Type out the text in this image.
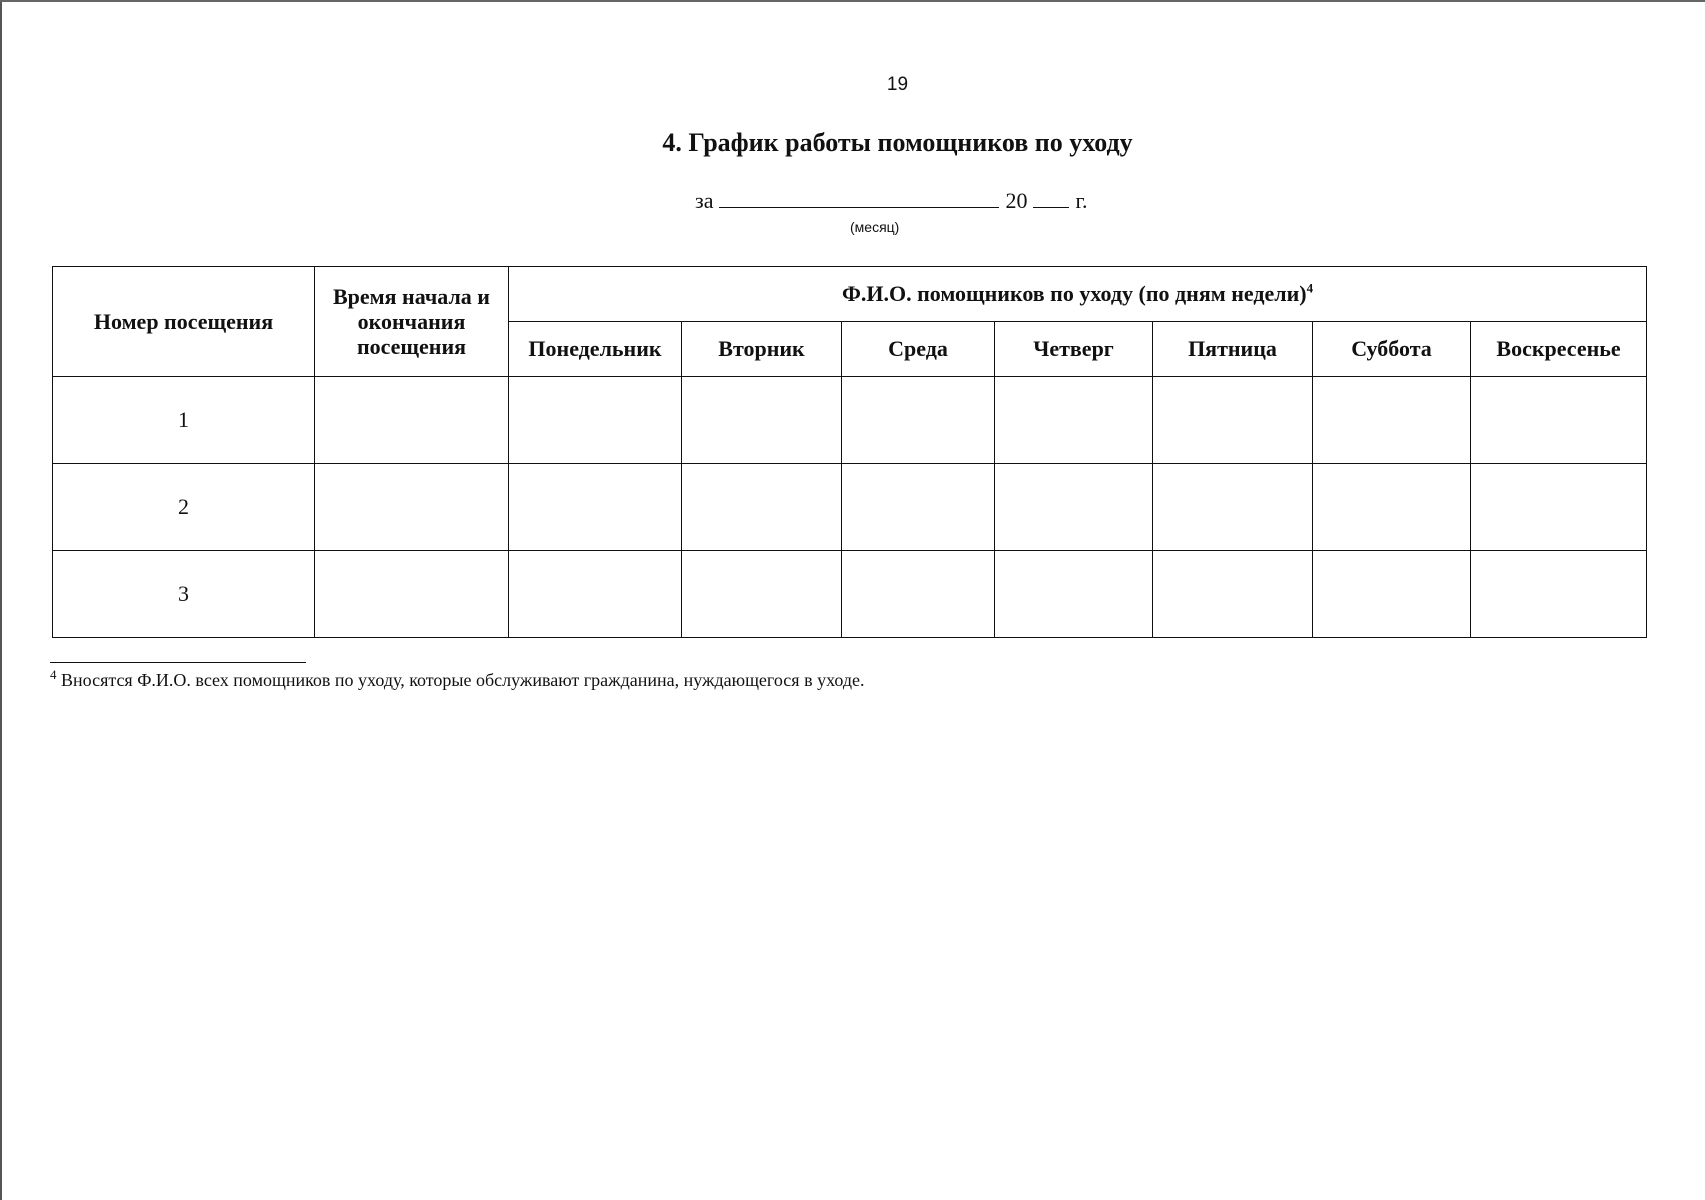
19
4. График работы помощников по уходу
за	20 г.
(месяц)
Номер посещения	Время начала и окончания посещения	Ф.И.О. помощников по уходу (по дням недели)$^4$
		Понедельник	Вторник	Среда	Четверг	Пятница	Суббота	Воскресенье
1								
2								
3								
$^4$ Вносятся Ф.И.О. всех помощников по уходу, которые обслуживают гражданина, нуждающегося в уходе.
